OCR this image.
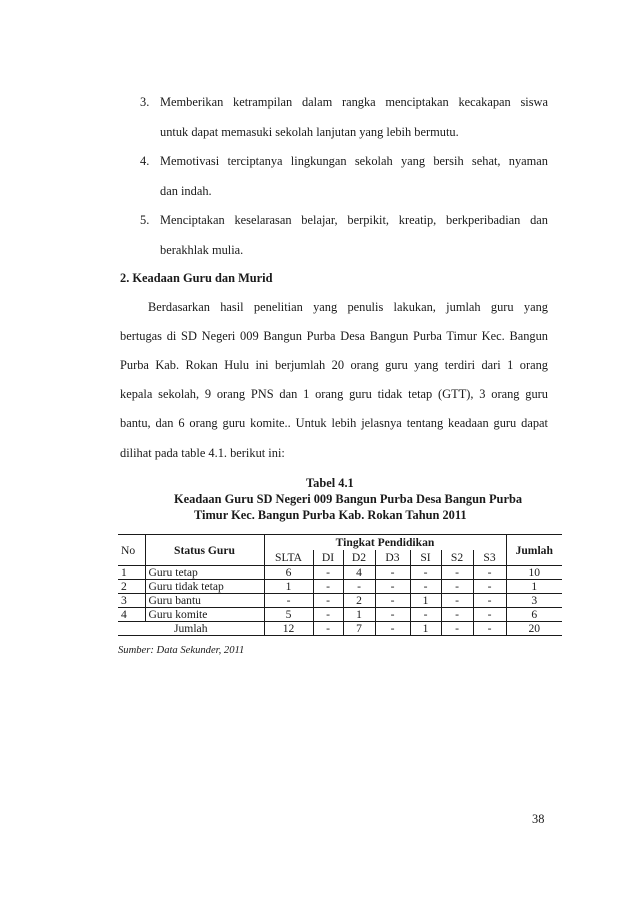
3. Memberikan ketrampilan dalam rangka menciptakan kecakapan siswa
untuk dapat memasuki sekolah lanjutan yang lebih bermutu.
4. Memotivasi terciptanya lingkungan sekolah yang bersih sehat, nyaman
dan indah.
5. Menciptakan keselarasan belajar, berpikit, kreatip, berkperibadian dan
berakhlak mulia.
2. Keadaan Guru dan Murid
Berdasarkan hasil penelitian yang penulis lakukan, jumlah guru yang
bertugas di SD Negeri 009 Bangun Purba Desa Bangun Purba Timur Kec. Bangun
Purba Kab. Rokan Hulu ini berjumlah 20 orang guru yang terdiri dari 1 orang
kepala sekolah, 9 orang PNS dan 1 orang guru tidak tetap (GTT), 3 orang guru
bantu, dan 6 orang guru komite.. Untuk lebih jelasnya tentang keadaan guru dapat
dilihat pada table 4.1. berikut ini:
Tabel 4.1
Keadaan Guru SD Negeri 009 Bangun Purba Desa Bangun Purba
Timur Kec. Bangun Purba Kab. Rokan Tahun 2011
No	Status Guru	Tingkat Pendidikan							Jumlah
		SLTA	DI	D2	D3	SI	S2	S3	
1	Guru tetap	6	-	4	-	-	-	-	10
2	Guru tidak tetap	1	-	-	-	-	-	-	1
3	Guru bantu	-	-	2	-	1	-	-	3
4	Guru komite	5	-	1	-	-	-	-	6
Jumlah		12	-	7	-	1	-	-	20
Sumber: Data Sekunder, 2011
38
